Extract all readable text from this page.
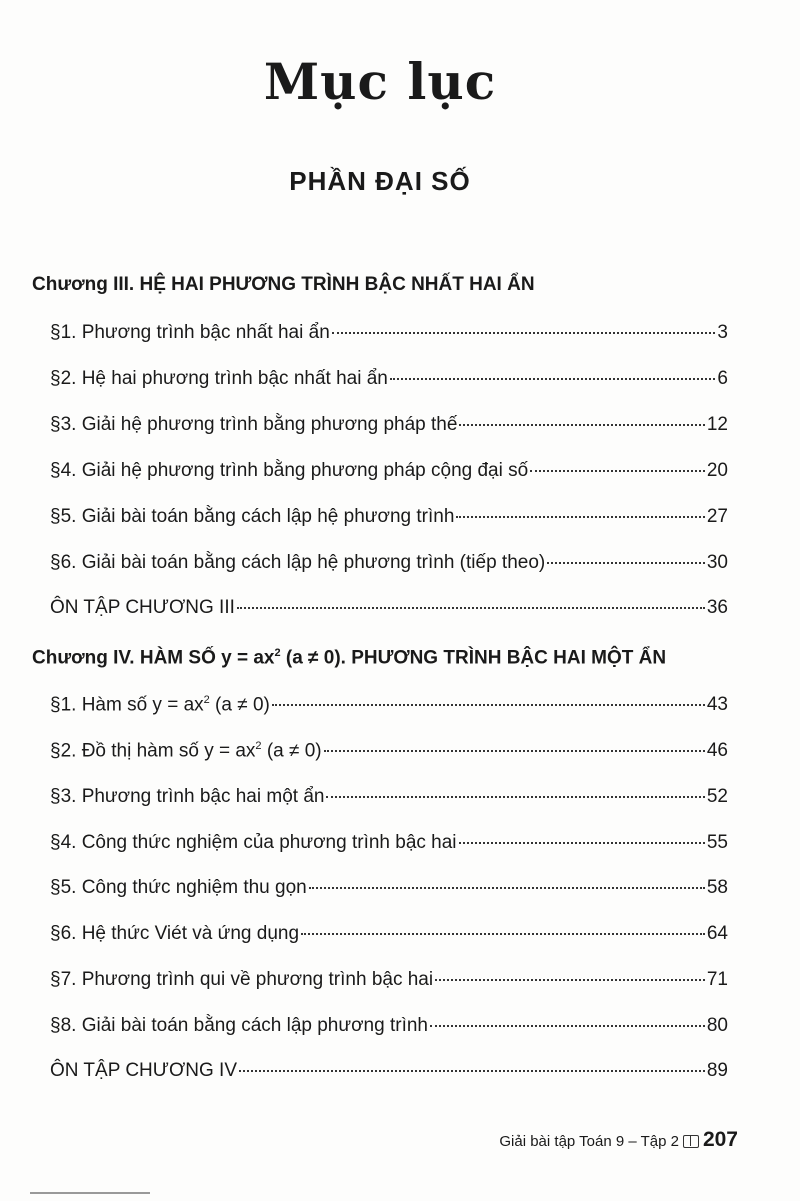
Mục lục
PHẦN ĐẠI SỐ
Chương III. HỆ HAI PHƯƠNG TRÌNH BẬC NHẤT HAI ẨN
§1. Phương trình bậc nhất hai ẩn	3
§2. Hệ hai phương trình bậc nhất hai ẩn	6
§3. Giải hệ phương trình bằng phương pháp thế	12
§4. Giải hệ phương trình bằng phương pháp cộng đại số	20
§5. Giải bài toán bằng cách lập hệ phương trình	27
§6. Giải bài toán bằng cách lập hệ phương trình (tiếp theo)	30
ÔN TẬP CHƯƠNG III	36
Chương IV. HÀM SỐ $y = ax^2$ (a ≠ 0). PHƯƠNG TRÌNH BẬC HAI MỘT ẨN
§1. Hàm số $y = ax^2$ (a ≠ 0)	43
§2. Đồ thị hàm số $y = ax^2$ (a ≠ 0)	46
§3. Phương trình bậc hai một ẩn	52
§4. Công thức nghiệm của phương trình bậc hai	55
§5. Công thức nghiệm thu gọn	58
§6. Hệ thức Viét và ứng dụng	64
§7. Phương trình qui về phương trình bậc hai	71
§8. Giải bài toán bằng cách lập phương trình	80
ÔN TẬP CHƯƠNG IV	89
Giải bài tập Toán 9 – Tập 2 207
